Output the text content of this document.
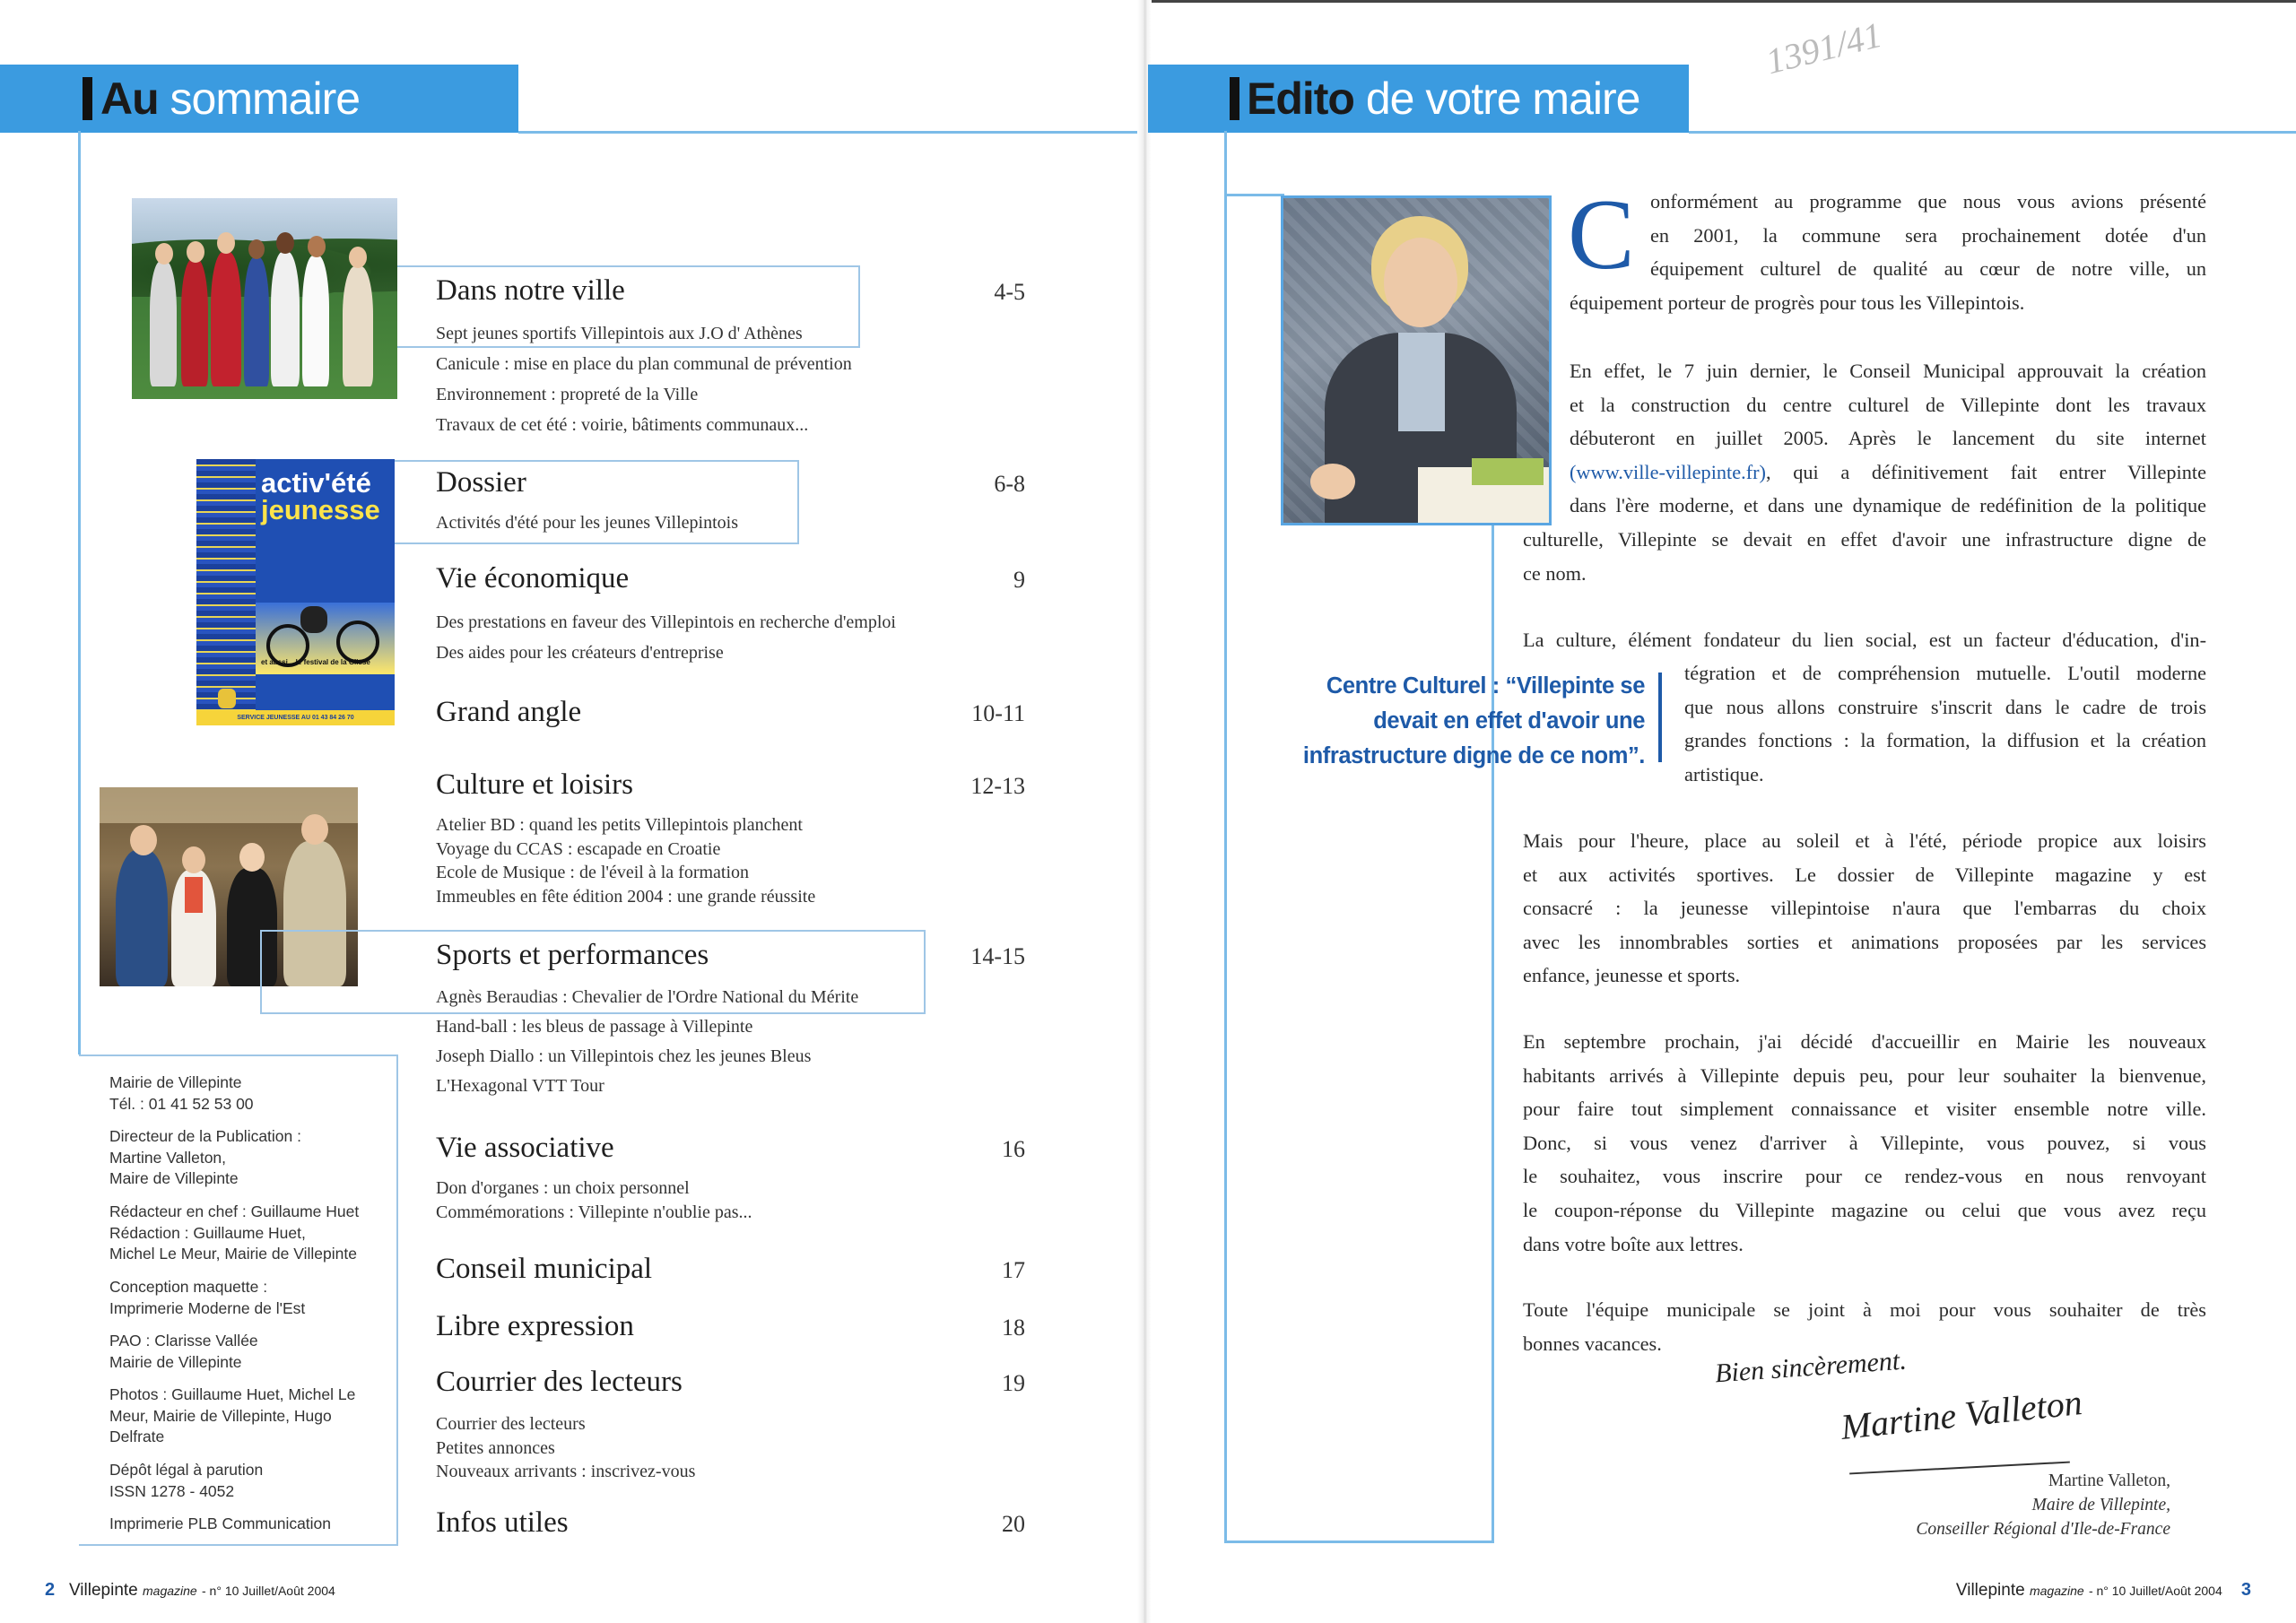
Au sommaire
activ'été
jeunesse
et aussi... le festival de la Glisse
SERVICE JEUNESSE AU 01 43 84 26 70
Dans notre ville	4-5
Sept jeunes sportifs Villepintois aux J.O d' Athènes
Canicule : mise en place du plan communal de prévention
Environnement : propreté de la Ville
Travaux de cet été : voirie, bâtiments communaux...
Dossier	6-8
Activités d'été pour les jeunes Villepintois
Vie économique	9
Des prestations en faveur des Villepintois en recherche d'emploi
Des aides pour les créateurs d'entreprise
Grand angle	10-11
Culture et loisirs	12-13
Atelier BD : quand les petits Villepintois planchent
Voyage du CCAS : escapade en Croatie
Ecole de Musique : de l'éveil à la formation
Immeubles en fête édition 2004 : une grande réussite
Sports et performances	14-15
Agnès Beraudias : Chevalier de l'Ordre National du Mérite
Hand-ball : les bleus de passage à Villepinte
Joseph Diallo : un Villepintois chez les jeunes Bleus
L'Hexagonal VTT Tour
Vie associative	16
Don d'organes : un choix personnel
Commémorations : Villepinte n'oublie pas...
Conseil municipal	17
Libre expression	18
Courrier des lecteurs	19
Courrier des lecteurs
Petites annonces
Nouveaux arrivants : inscrivez-vous
Infos utiles	20
Mairie de Villepinte
Tél. : 01 41 52 53 00
Directeur de la Publication :
Martine Valleton,
Maire de Villepinte
Rédacteur en chef : Guillaume Huet
Rédaction : Guillaume Huet,
Michel Le Meur, Mairie de Villepinte
Conception maquette :
Imprimerie Moderne de l'Est
PAO : Clarisse Vallée
Mairie de Villepinte
Photos : Guillaume Huet, Michel Le
Meur, Mairie de Villepinte, Hugo
Delfrate
Dépôt légal à parution
ISSN 1278 - 4052
Imprimerie PLB Communication
2 Villepinte magazine - n° 10 Juillet/Août 2004
Edito de votre maire
1391/41
C onformément au programme que nous vous avions présenté
en 2001, la commune sera prochainement dotée d'un
équipement culturel de qualité au cœur de notre ville, un
équipement porteur de progrès pour tous les Villepintois.
En effet, le 7 juin dernier, le Conseil Municipal approuvait la création
et la construction du centre culturel de Villepinte dont les travaux
débuteront en juillet 2005. Après le lancement du site internet
(www.ville-villepinte.fr), qui a définitivement fait entrer Villepinte
dans l'ère moderne, et dans une dynamique de redéfinition de la politique
culturelle, Villepinte se devait en effet d'avoir une infrastructure digne de
ce nom.
La culture, élément fondateur du lien social, est un facteur d'éducation, d'in-
tégration et de compréhension mutuelle. L'outil moderne
que nous allons construire s'inscrit dans le cadre de trois
grandes fonctions : la formation, la diffusion et la création
artistique.
Centre Culturel : “Villepinte se devait en effet d'avoir une infrastructure digne de ce nom”.
Mais pour l'heure, place au soleil et à l'été, période propice aux loisirs
et aux activités sportives. Le dossier de Villepinte magazine y est
consacré : la jeunesse villepintoise n'aura que l'embarras du choix
avec les innombrables sorties et animations proposées par les services
enfance, jeunesse et sports.
En septembre prochain, j'ai décidé d'accueillir en Mairie les nouveaux
habitants arrivés à Villepinte depuis peu, pour leur souhaiter la bienvenue,
pour faire tout simplement connaissance et visiter ensemble notre ville.
Donc, si vous venez d'arriver à Villepinte, vous pouvez, si vous
le souhaitez, vous inscrire pour ce rendez-vous en nous renvoyant
le coupon-réponse du Villepinte magazine ou celui que vous avez reçu
dans votre boîte aux lettres.
Toute l'équipe municipale se joint à moi pour vous souhaiter de très
bonnes vacances.
Bien sincèrement.
Martine Valleton
Martine Valleton,
Maire de Villepinte,
Conseiller Régional d'Ile-de-France
Villepinte magazine - n° 10 Juillet/Août 2004 3
